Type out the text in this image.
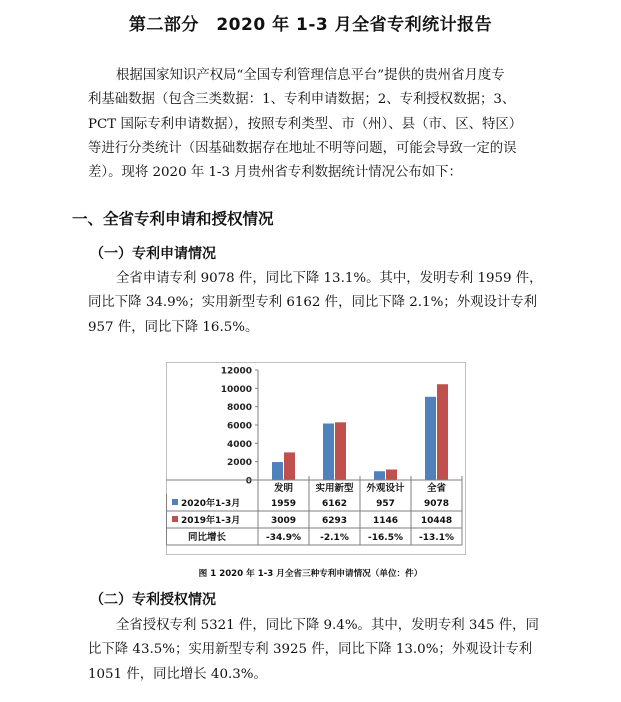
第二部分　2020 年 1-3 月全省专利统计报告
根据国家知识产权局“全国专利管理信息平台”提供的贵州省月度专
利基础数据（包含三类数据：1、专利申请数据；2、专利授权数据；3、
PCT 国际专利申请数据），按照专利类型、市（州）、县（市、区、特区）
等进行分类统计（因基础数据存在地址不明等问题，可能会导致一定的误
差）。现将 2020 年 1-3 月贵州省专利数据统计情况公布如下：
一、全省专利申请和授权情况
（一）专利申请情况
全省申请专利 9078 件，同比下降 13.1%。其中，发明专利 1959 件，
同比下降 34.9%；实用新型专利 6162 件，同比下降 2.1%；外观设计专利
957 件，同比下降 16.5%。
0
2000
4000
6000
8000
10000
12000
发明 实用新型 外观设计 全省
2020年1-3月	1959	6162	957	9078
2019年1-3月	3009	6293	1146	10448
同比增长	-34.9% -2.1% -16.5% -13.1%
图 1 2020 年 1-3 月全省三种专利申请情况（单位：件）
（二）专利授权情况
全省授权专利 5321 件，同比下降 9.4%。其中，发明专利 345 件，同
比下降 43.5%；实用新型专利 3925 件，同比下降 13.0%；外观设计专利
1051 件，同比增长 40.3%。
